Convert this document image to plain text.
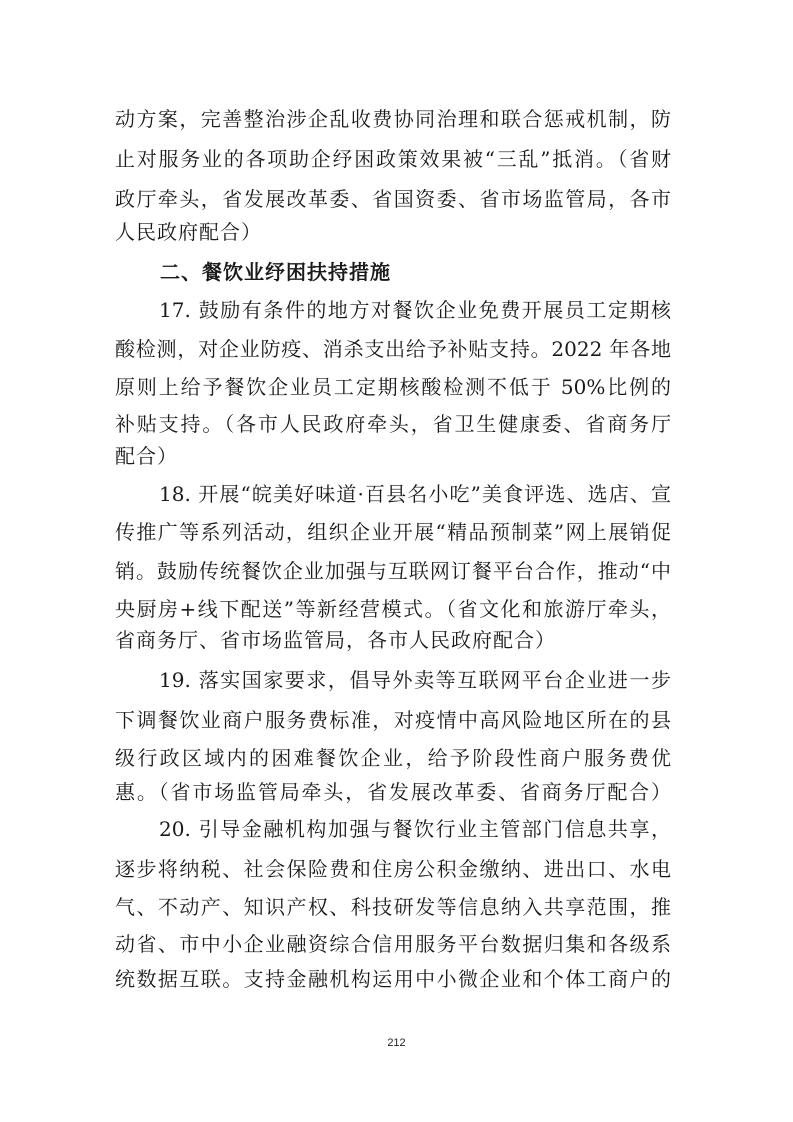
动方案，完善整治涉企乱收费协同治理和联合惩戒机制，防
止对服务业的各项助企纾困政策效果被“三乱”抵消。（省财
政厅牵头，省发展改革委、省国资委、省市场监管局，各市
人民政府配合）
二、餐饮业纾困扶持措施
17. 鼓励有条件的地方对餐饮企业免费开展员工定期核
酸检测，对企业防疫、消杀支出给予补贴支持。2022 年各地
原则上给予餐饮企业员工定期核酸检测不低于 50%比例的
补贴支持。（各市人民政府牵头，省卫生健康委、省商务厅
配合）
18. 开展“皖美好味道·百县名小吃”美食评选、选店、宣
传推广等系列活动，组织企业开展“精品预制菜”网上展销促
销。鼓励传统餐饮企业加强与互联网订餐平台合作，推动“中
央厨房+线下配送”等新经营模式。（省文化和旅游厅牵头，
省商务厅、省市场监管局，各市人民政府配合）
19. 落实国家要求，倡导外卖等互联网平台企业进一步
下调餐饮业商户服务费标准，对疫情中高风险地区所在的县
级行政区域内的困难餐饮企业，给予阶段性商户服务费优
惠。（省市场监管局牵头，省发展改革委、省商务厅配合）
20. 引导金融机构加强与餐饮行业主管部门信息共享，
逐步将纳税、社会保险费和住房公积金缴纳、进出口、水电
气、不动产、知识产权、科技研发等信息纳入共享范围，推
动省、市中小企业融资综合信用服务平台数据归集和各级系
统数据互联。支持金融机构运用中小微企业和个体工商户的
212
